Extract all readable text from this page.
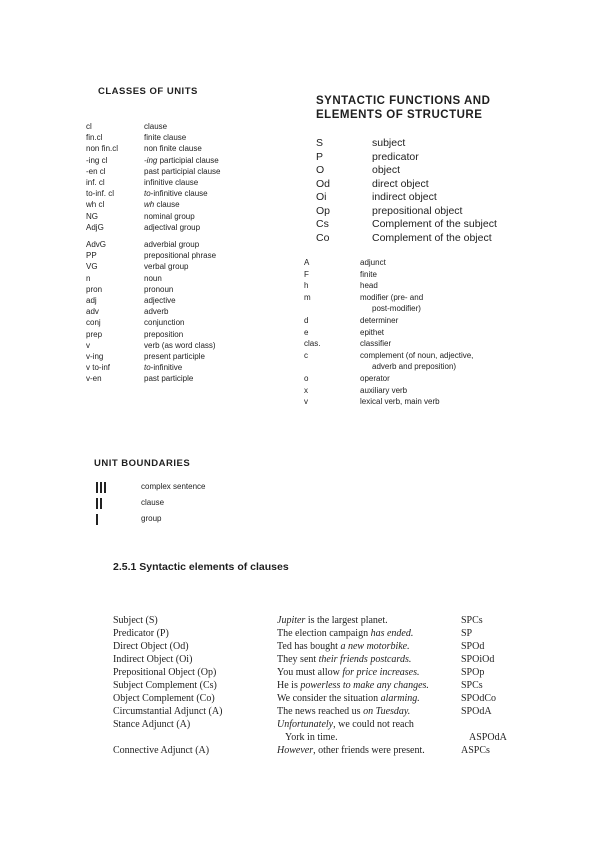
CLASSES OF UNITS
cl	clause
fin.cl	finite clause
non fin.cl	non finite clause
-ing cl	-ing participial clause
-en cl	past participial clause
inf. cl	infinitive clause
to-inf. cl	to-infinitive clause
wh cl	wh clause
NG	nominal group
AdjG	adjectival group
AdvG	adverbial group
PP	prepositional phrase
VG	verbal group
n	noun
pron	pronoun
adj	adjective
adv	adverb
conj	conjunction
prep	preposition
v	verb (as word class)
v-ing	present participle
v to-inf	to-infinitive
v-en	past participle
SYNTACTIC FUNCTIONS AND
ELEMENTS OF STRUCTURE
S	subject
P	predicator
O	object
Od	direct object
Oi	indirect object
Op	prepositional object
Cs	Complement of the subject
Co	Complement of the object
A	adjunct
F	finite
h	head
m	modifier (pre- and
post-modifier)
d	determiner
e	epithet
clas.	classifier
c	complement (of noun, adjective,
adverb and preposition)
o	operator
x	auxiliary verb
v	lexical verb, main verb
UNIT BOUNDARIES
complex sentence
clause
group
2.5.1 Syntactic elements of clauses
Subject (S)	Jupiter is the largest planet.	SPCs
Predicator (P)	The election campaign has ended.	SP
Direct Object (Od)	Ted has bought a new motorbike.	SPOd
Indirect Object (Oi)	They sent their friends postcards.	SPOiOd
Prepositional Object (Op)	You must allow for price increases.	SPOp
Subject Complement (Cs)	He is powerless to make any changes.	SPCs
Object Complement (Co)	We consider the situation alarming.	SPOdCo
Circumstantial Adjunct (A)	The news reached us on Tuesday.	SPOdA
Stance Adjunct (A)	Unfortunately, we could not reach
York in time.	ASPOdA
Connective Adjunct (A)	However, other friends were present.	ASPCs
